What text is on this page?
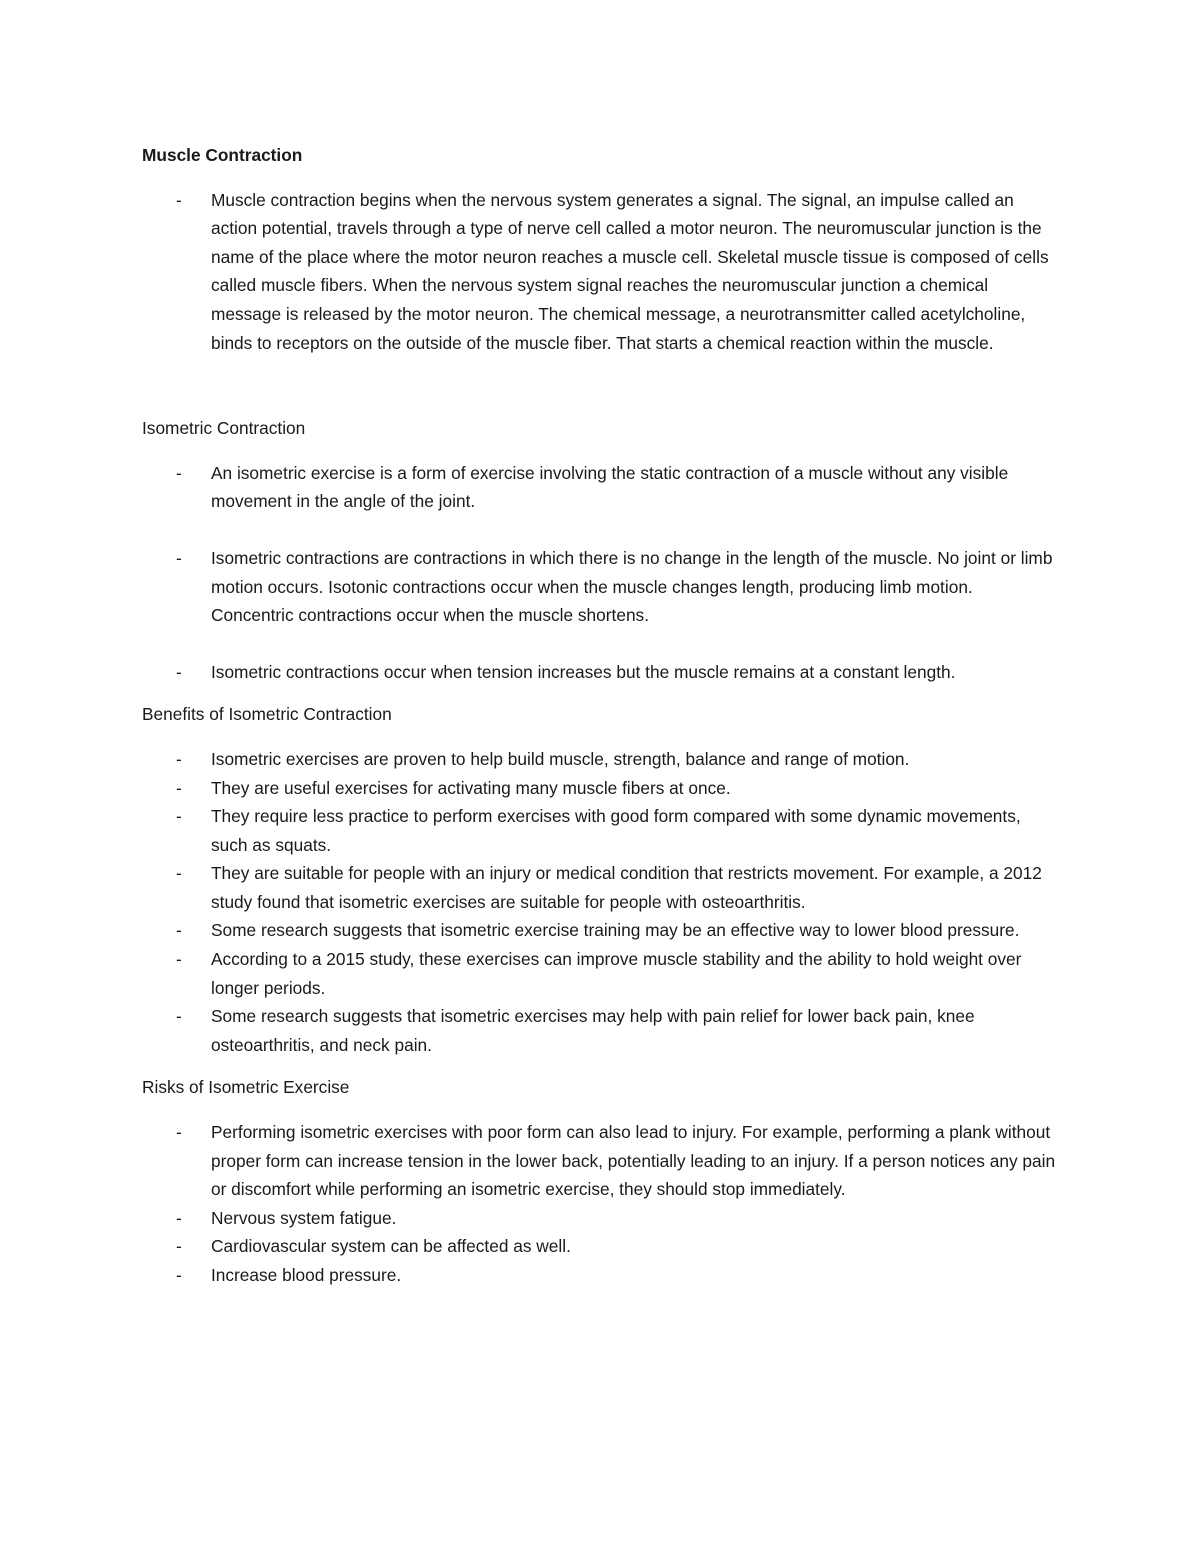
Muscle Contraction
- Muscle contraction begins when the nervous system generates a signal. The signal, an impulse called an action potential, travels through a type of nerve cell called a motor neuron. The neuromuscular junction is the name of the place where the motor neuron reaches a muscle cell. Skeletal muscle tissue is composed of cells called muscle fibers. When the nervous system signal reaches the neuromuscular junction a chemical message is released by the motor neuron. The chemical message, a neurotransmitter called acetylcholine, binds to receptors on the outside of the muscle fiber. That starts a chemical reaction within the muscle.
Isometric Contraction
- An isometric exercise is a form of exercise involving the static contraction of a muscle without any visible movement in the angle of the joint.
- Isometric contractions are contractions in which there is no change in the length of the muscle. No joint or limb motion occurs. Isotonic contractions occur when the muscle changes length, producing limb motion. Concentric contractions occur when the muscle shortens.
- Isometric contractions occur when tension increases but the muscle remains at a constant length.
Benefits of Isometric Contraction
- Isometric exercises are proven to help build muscle, strength, balance and range of motion.
- They are useful exercises for activating many muscle fibers at once.
- They require less practice to perform exercises with good form compared with some dynamic movements, such as squats.
- They are suitable for people with an injury or medical condition that restricts movement. For example, a 2012 study found that isometric exercises are suitable for people with osteoarthritis.
- Some research suggests that isometric exercise training may be an effective way to lower blood pressure.
- According to a 2015 study, these exercises can improve muscle stability and the ability to hold weight over longer periods.
- Some research suggests that isometric exercises may help with pain relief for lower back pain, knee osteoarthritis, and neck pain.
Risks of Isometric Exercise
- Performing isometric exercises with poor form can also lead to injury. For example, performing a plank without proper form can increase tension in the lower back, potentially leading to an injury. If a person notices any pain or discomfort while performing an isometric exercise, they should stop immediately.
- Nervous system fatigue.
- Cardiovascular system can be affected as well.
- Increase blood pressure.
